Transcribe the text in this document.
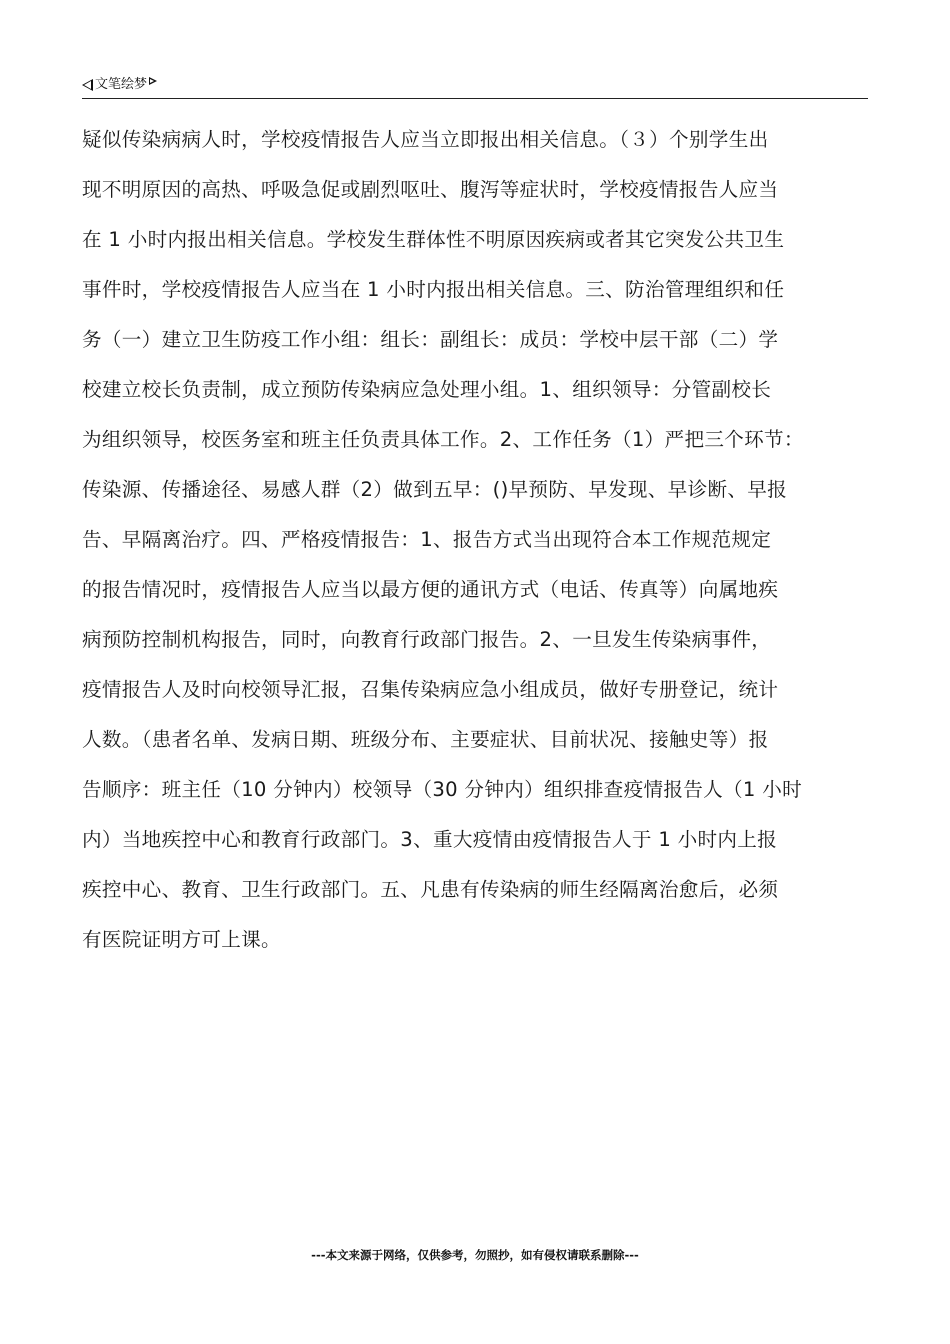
文笔绘梦
疑似传染病病人时，学校疫情报告人应当立即报出相关信息。（３）个别学生出
现不明原因的高热、呼吸急促或剧烈呕吐、腹泻等症状时，学校疫情报告人应当
在 1 小时内报出相关信息。学校发生群体性不明原因疾病或者其它突发公共卫生
事件时，学校疫情报告人应当在 1 小时内报出相关信息。三、防治管理组织和任
务（一）建立卫生防疫工作小组：组长：副组长：成员：学校中层干部（二）学
校建立校长负责制，成立预防传染病应急处理小组。1、组织领导：分管副校长
为组织领导，校医务室和班主任负责具体工作。2、工作任务（1）严把三个环节：
传染源、传播途径、易感人群（2）做到五早：()早预防、早发现、早诊断、早报
告、早隔离治疗。四、严格疫情报告：1、报告方式当出现符合本工作规范规定
的报告情况时，疫情报告人应当以最方便的通讯方式（电话、传真等）向属地疾
病预防控制机构报告，同时，向教育行政部门报告。2、一旦发生传染病事件，
疫情报告人及时向校领导汇报，召集传染病应急小组成员，做好专册登记，统计
人数。（患者名单、发病日期、班级分布、主要症状、目前状况、接触史等）报
告顺序：班主任（10 分钟内）校领导（30 分钟内）组织排查疫情报告人（1 小时
内）当地疾控中心和教育行政部门。3、重大疫情由疫情报告人于 1 小时内上报
疾控中心、教育、卫生行政部门。五、凡患有传染病的师生经隔离治愈后，必须
有医院证明方可上课。
---本文来源于网络，仅供参考，勿照抄，如有侵权请联系删除---
